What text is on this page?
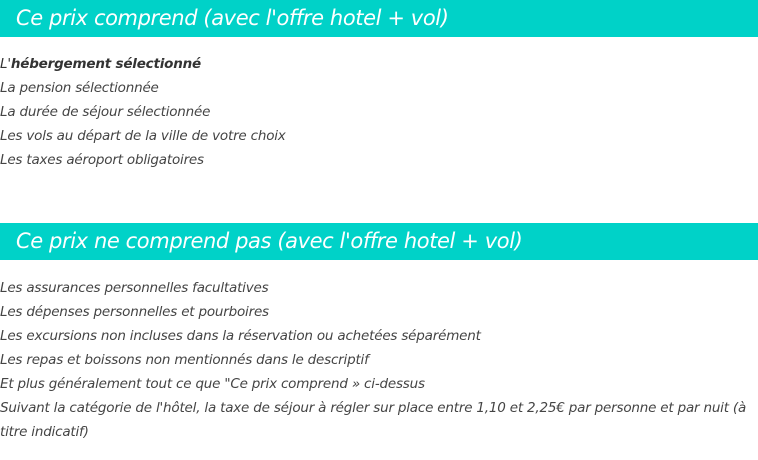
Ce prix comprend (avec l'offre hotel + vol)
L'hébergement sélectionné
La pension sélectionnée
La durée de séjour sélectionnée
Les vols au départ de la ville de votre choix
Les taxes aéroport obligatoires
Ce prix ne comprend pas (avec l'offre hotel + vol)
Les assurances personnelles facultatives
Les dépenses personnelles et pourboires
Les excursions non incluses dans la réservation ou achetées séparément
Les repas et boissons non mentionnés dans le descriptif
Et plus généralement tout ce que "Ce prix comprend » ci-dessus
Suivant la catégorie de l'hôtel, la taxe de séjour à régler sur place entre 1,10 et 2,25€ par personne et par nuit (à titre indicatif)
